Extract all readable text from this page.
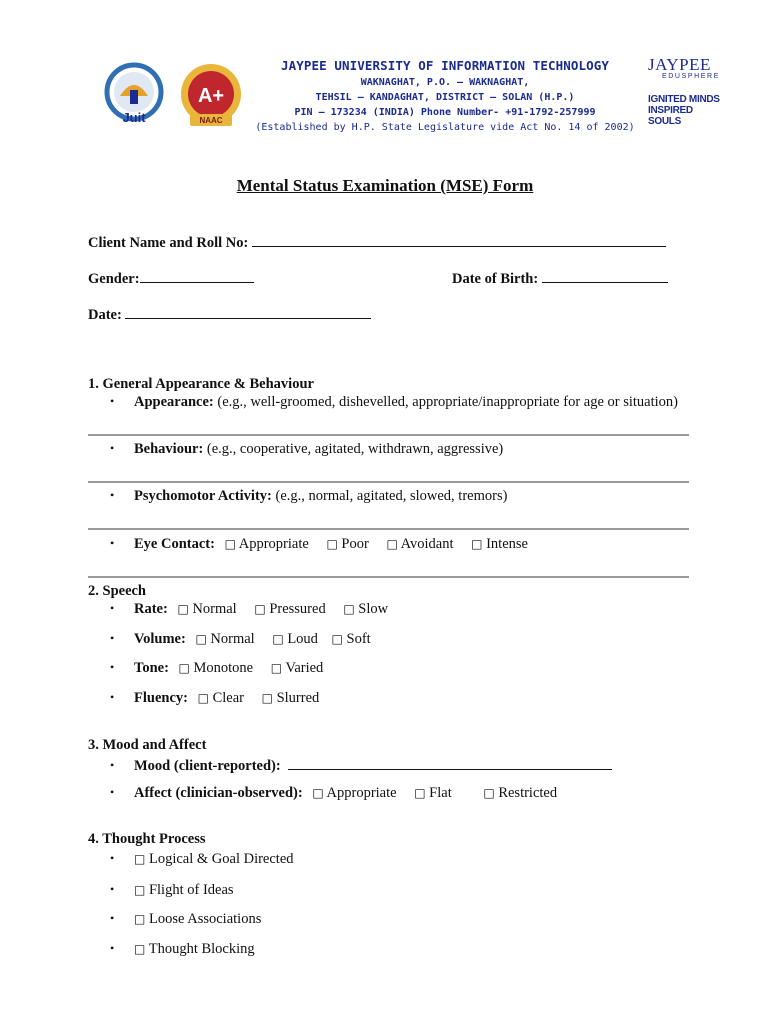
Juit
A+
NAAC
JAYPEE UNIVERSITY OF INFORMATION TECHNOLOGY
WAKNAGHAT, P.O. – WAKNAGHAT,
TEHSIL – KANDAGHAT, DISTRICT – SOLAN (H.P.)
PIN – 173234 (INDIA) Phone Number- +91-1792-257999
(Established by H.P. State Legislature vide Act No. 14 of 2002)
JAYPEE
EDUSPHERE
IGNITED MINDS
INSPIRED SOULS
Mental Status Examination (MSE) Form
Client Name and Roll No:
Gender:	Date of Birth:
Date:
1. General Appearance & Behaviour
• Appearance: (e.g., well-groomed, dishevelled, appropriate/inappropriate for age or situation)
• Behaviour: (e.g., cooperative, agitated, withdrawn, aggressive)
• Psychomotor Activity: (e.g., normal, agitated, slowed, tremors)
• Eye Contact: □ Appropriate □ Poor □ Avoidant □ Intense
2. Speech
• Rate: □ Normal □ Pressured □ Slow
• Volume: □ Normal □ Loud □ Soft
• Tone: □ Monotone □ Varied
• Fluency: □ Clear □ Slurred
3. Mood and Affect
• Mood (client-reported):
• Affect (clinician-observed): □ Appropriate □ Flat	□ Restricted
4. Thought Process
• □ Logical & Goal Directed
• □ Flight of Ideas
• □ Loose Associations
• □ Thought Blocking
